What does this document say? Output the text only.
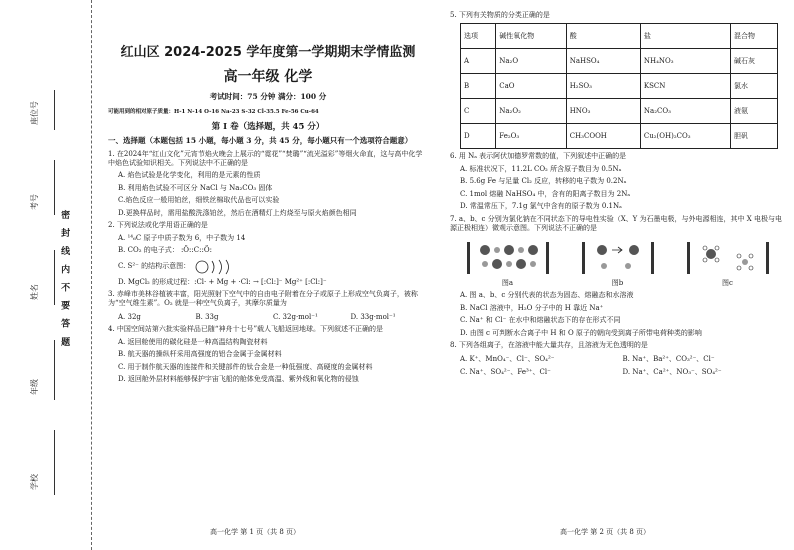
座位号
考号
姓名
年级
学校
密 封 线 内 不 要 答 题
红山区 2024-2025 学年度第一学期期末学情监测
高一年级 化学
考试时间：75 分钟 满分：100 分
可能用到的相对原子质量：H-1 N-14 O-16 Na-23 S-32 Cl-35.5 Fe-56 Cu-64
第 I 卷（选择题，共 45 分）
一、选择题（本题包括 15 小题，每小题 3 分，共 45 分，每小题只有一个选项符合题意）
1. 在2024年“红山文化”元宵节焰火晚会上展示的“霓花”“焚璐”“流光溢彩”等烟火命直，这与高中化学中焰色试验知识相关。下列说法中不正确的是
A. 焰色试验是化学变化，利用的是元素的性质
B. 利用焰色试验不可区分 NaCl 与 Na₂CO₃ 固体
C.焰色反应一般用铂丝，细铁丝棉取代品也可以实验
D.更换样品时，需用盐酸洗涤铂丝，然后在酒精灯上灼烧至与原火焰颜色相同
2. 下列说法或化学用语正确的是
A. ¹⁴₆C 原子中质子数为 6，中子数为 14
B. CO₂ 的电子式： :Ö::C::Ö:
C. S²⁻ 的结构示意图：
D. MgCl₂ 的形成过程：:Cl· + Mg + ·Cl: → [:Cl:]⁻ Mg²⁺ [:Cl:]⁻
3. 赤峰市美林谷植被丰富，阳光照射下空气中的自由电子附着在分子或原子上形成空气负离子，被称为“空气维生素”。O₂ 就是一种空气负离子，其摩尔质量为
A. 32g	B. 33g	C. 32g·mol⁻¹	D. 33g·mol⁻¹
4. 中国空间站第六批实验样品已随“神舟十七号”载人飞船返回地球。下列叙述不正确的是
A. 返回舱使用的碳化硅是一种高温结构陶瓷材料
B. 航天器的操纵杆采用高强度的铝合金属于金属材料
C. 用于制作航天器的连接件和关键部件的钛合金是一种低强度、高硬度的金属材料
D. 返回舱外层材料能够保护宇宙飞船的舱体免受高温、紫外线和氧化物的侵蚀
5. 下列有关物质的分类正确的是
选项	碱性氧化物	酸	盐	混合物
A	Na₂O	NaHSO₄	NH₄NO₃	碱石灰
B	CaO	H₂SO₃	KSCN	氯水
C	Na₂O₂	HNO₃	Na₂CO₃	液氨
D	Fe₂O₃	CH₃COOH	Cu₂(OH)₂CO₃	胆矾
6. 用 Nₐ 表示阿伏加德罗常数的值，下列叙述中正确的是
A. 标准状况下，11.2L CO₂ 所含原子数目为 0.5Nₐ
B. 5.6g Fe 与足量 Cl₂ 反应，转移的电子数为 0.2Nₐ
C. 1mol 熔融 NaHSO₄ 中，含有的阳离子数目为 2Nₐ
D. 常温常压下，7.1g 氯气中含有的原子数为 0.1Nₐ
7. a、b、c 分别为氯化钠在不同状态下的导电性实验（X、Y 为石墨电极，与外电源相连，其中 X 电极与电源正极相连）微观示意图。下列说法不正确的是
图a	图b	图c
A. 图 a、b、c 分别代表的状态为固态、熔融态和水溶液
B. NaCl 溶液中，H₂O 分子中的 H 靠近 Na⁺
C. Na⁺ 和 Cl⁻ 在水中和熔融状态下的存在形式不同
D. 由图 c 可判断水合离子中 H 和 O 原子的朝向受到离子所带电荷种类的影响
8. 下列各组离子，在溶液中能大量共存，且溶液为无色透明的是
A. K⁺、MnO₄⁻、Cl⁻、SO₄²⁻	B. Na⁺、Ba²⁺、CO₃²⁻、Cl⁻
C. Na⁺、SO₄²⁻、Fe³⁺、Cl⁻	D. Na⁺、Ca²⁺、NO₃⁻、SO₄²⁻
高一化学 第 1 页（共 8 页）	高一化学 第 2 页（共 8 页）
